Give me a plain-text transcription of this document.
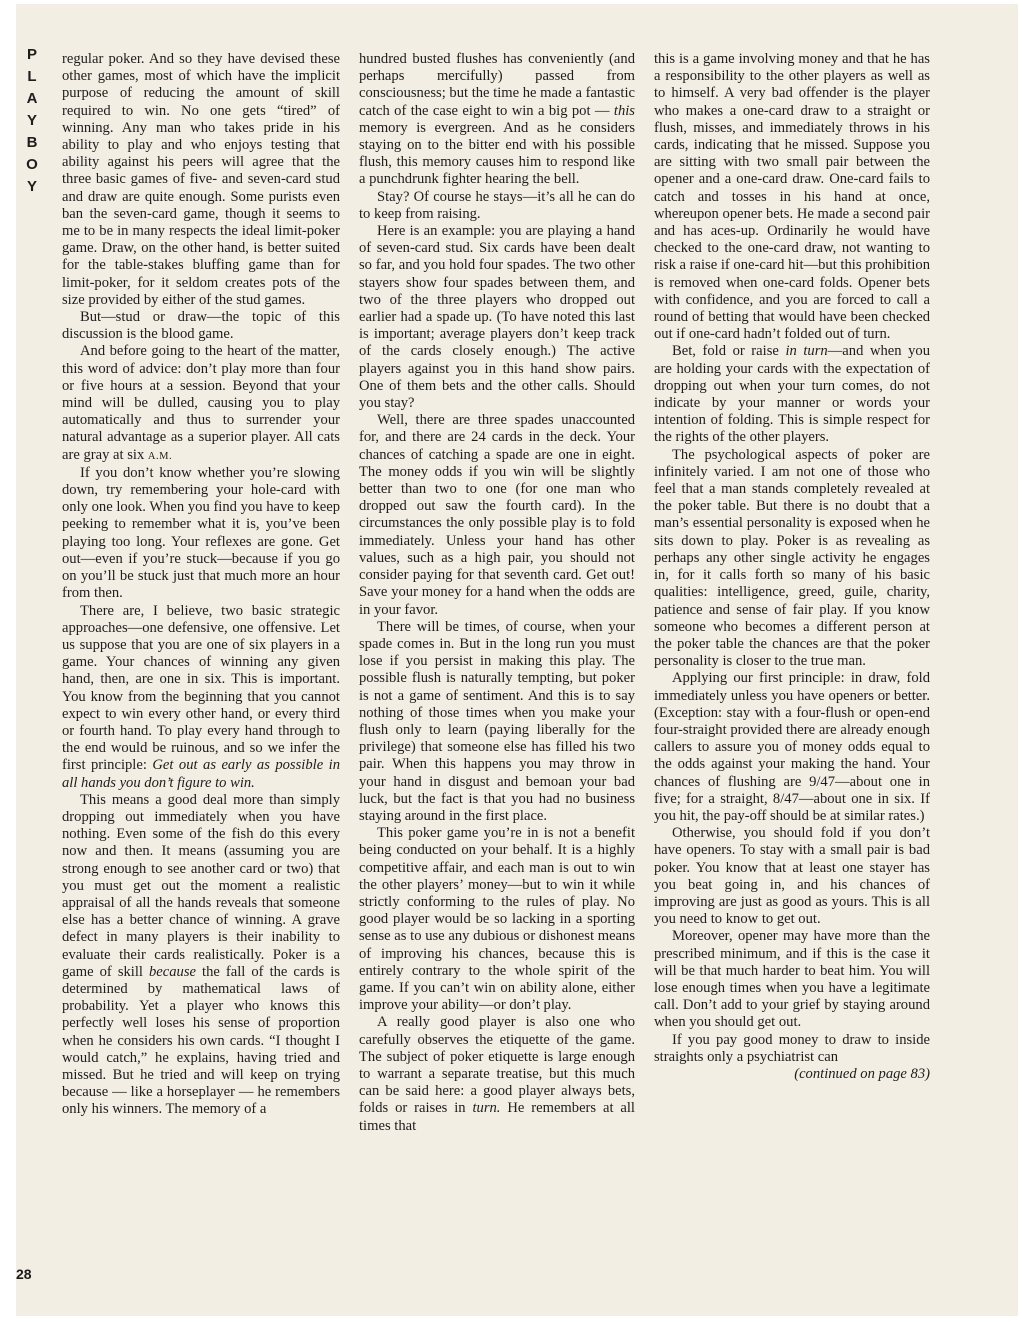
P
L
A
Y
B
O
Y
28

regular poker. And so they have devised these other games, most of which have the implicit purpose of reducing the amount of skill required to win. No one gets “tired” of winning. Any man who takes pride in his ability to play and who enjoys testing that ability against his peers will agree that the three basic games of five- and seven-card stud and draw are quite enough. Some purists even ban the seven-card game, though it seems to me to be in many respects the ideal limit-poker game. Draw, on the other hand, is better suited for the table-stakes bluffing game than for limit-poker, for it seldom creates pots of the size provided by either of the stud games.

But—stud or draw—the topic of this discussion is the blood game.

And before going to the heart of the matter, this word of advice: don’t play more than four or five hours at a session. Beyond that your mind will be dulled, causing you to play automatically and thus to surrender your natural advantage as a superior player. All cats are gray at six A.M.

If you don’t know whether you’re slowing down, try remembering your hole-card with only one look. When you find you have to keep peeking to remember what it is, you’ve been playing too long. Your reflexes are gone. Get out—even if you’re stuck—because if you go on you’ll be stuck just that much more an hour from then.

There are, I believe, two basic strategic approaches—one defensive, one offensive. Let us suppose that you are one of six players in a game. Your chances of winning any given hand, then, are one in six. This is important. You know from the beginning that you cannot expect to win every other hand, or every third or fourth hand. To play every hand through to the end would be ruinous, and so we infer the first principle: Get out as early as possible in all hands you don’t figure to win.

This means a good deal more than simply dropping out immediately when you have nothing. Even some of the fish do this every now and then. It means (assuming you are strong enough to see another card or two) that you must get out the moment a realistic appraisal of all the hands reveals that someone else has a better chance of winning. A grave defect in many players is their inability to evaluate their cards realistically. Poker is a game of skill because the fall of the cards is determined by mathematical laws of probability. Yet a player who knows this perfectly well loses his sense of proportion when he considers his own cards. “I thought I would catch,” he explains, having tried and missed. But he tried and will keep on trying because — like a horseplayer — he remembers only his winners. The memory of a

hundred busted flushes has conveniently (and perhaps mercifully) passed from consciousness; but the time he made a fantastic catch of the case eight to win a big pot — this memory is evergreen. And as he considers staying on to the bitter end with his possible flush, this memory causes him to respond like a punchdrunk fighter hearing the bell.

Stay? Of course he stays—it’s all he can do to keep from raising.

Here is an example: you are playing a hand of seven-card stud. Six cards have been dealt so far, and you hold four spades. The two other stayers show four spades between them, and two of the three players who dropped out earlier had a spade up. (To have noted this last is important; average players don’t keep track of the cards closely enough.) The active players against you in this hand show pairs. One of them bets and the other calls. Should you stay?

Well, there are three spades unaccounted for, and there are 24 cards in the deck. Your chances of catching a spade are one in eight. The money odds if you win will be slightly better than two to one (for one man who dropped out saw the fourth card). In the circumstances the only possible play is to fold immediately. Unless your hand has other values, such as a high pair, you should not consider paying for that seventh card. Get out! Save your money for a hand when the odds are in your favor.

There will be times, of course, when your spade comes in. But in the long run you must lose if you persist in making this play. The possible flush is naturally tempting, but poker is not a game of sentiment. And this is to say nothing of those times when you make your flush only to learn (paying liberally for the privilege) that someone else has filled his two pair. When this happens you may throw in your hand in disgust and bemoan your bad luck, but the fact is that you had no business staying around in the first place.

This poker game you’re in is not a benefit being conducted on your behalf. It is a highly competitive affair, and each man is out to win the other players’ money—but to win it while strictly conforming to the rules of play. No good player would be so lacking in a sporting sense as to use any dubious or dishonest means of improving his chances, because this is entirely contrary to the whole spirit of the game. If you can’t win on ability alone, either improve your ability—or don’t play.

A really good player is also one who carefully observes the etiquette of the game. The subject of poker etiquette is large enough to warrant a separate treatise, but this much can be said here: a good player always bets, folds or raises in turn. He remembers at all times that

this is a game involving money and that he has a responsibility to the other players as well as to himself. A very bad offender is the player who makes a one-card draw to a straight or flush, misses, and immediately throws in his cards, indicating that he missed. Suppose you are sitting with two small pair between the opener and a one-card draw. One-card fails to catch and tosses in his hand at once, whereupon opener bets. He made a second pair and has aces-up. Ordinarily he would have checked to the one-card draw, not wanting to risk a raise if one-card hit—but this prohibition is removed when one-card folds. Opener bets with confidence, and you are forced to call a round of betting that would have been checked out if one-card hadn’t folded out of turn.

Bet, fold or raise in turn—and when you are holding your cards with the expectation of dropping out when your turn comes, do not indicate by your manner or words your intention of folding. This is simple respect for the rights of the other players.

The psychological aspects of poker are infinitely varied. I am not one of those who feel that a man stands completely revealed at the poker table. But there is no doubt that a man’s essential personality is exposed when he sits down to play. Poker is as revealing as perhaps any other single activity he engages in, for it calls forth so many of his basic qualities: intelligence, greed, guile, charity, patience and sense of fair play. If you know someone who becomes a different person at the poker table the chances are that the poker personality is closer to the true man.

Applying our first principle: in draw, fold immediately unless you have openers or better. (Exception: stay with a four-flush or open-end four-straight provided there are already enough callers to assure you of money odds equal to the odds against your making the hand. Your chances of flushing are 9/47—about one in five; for a straight, 8/47—about one in six. If you hit, the pay-off should be at similar rates.)

Otherwise, you should fold if you don’t have openers. To stay with a small pair is bad poker. You know that at least one stayer has you beat going in, and his chances of improving are just as good as yours. This is all you need to know to get out.

Moreover, opener may have more than the prescribed minimum, and if this is the case it will be that much harder to beat him. You will lose enough times when you have a legitimate call. Don’t add to your grief by staying around when you should get out.

If you pay good money to draw to inside straights only a psychiatrist can

(continued on page 83)
